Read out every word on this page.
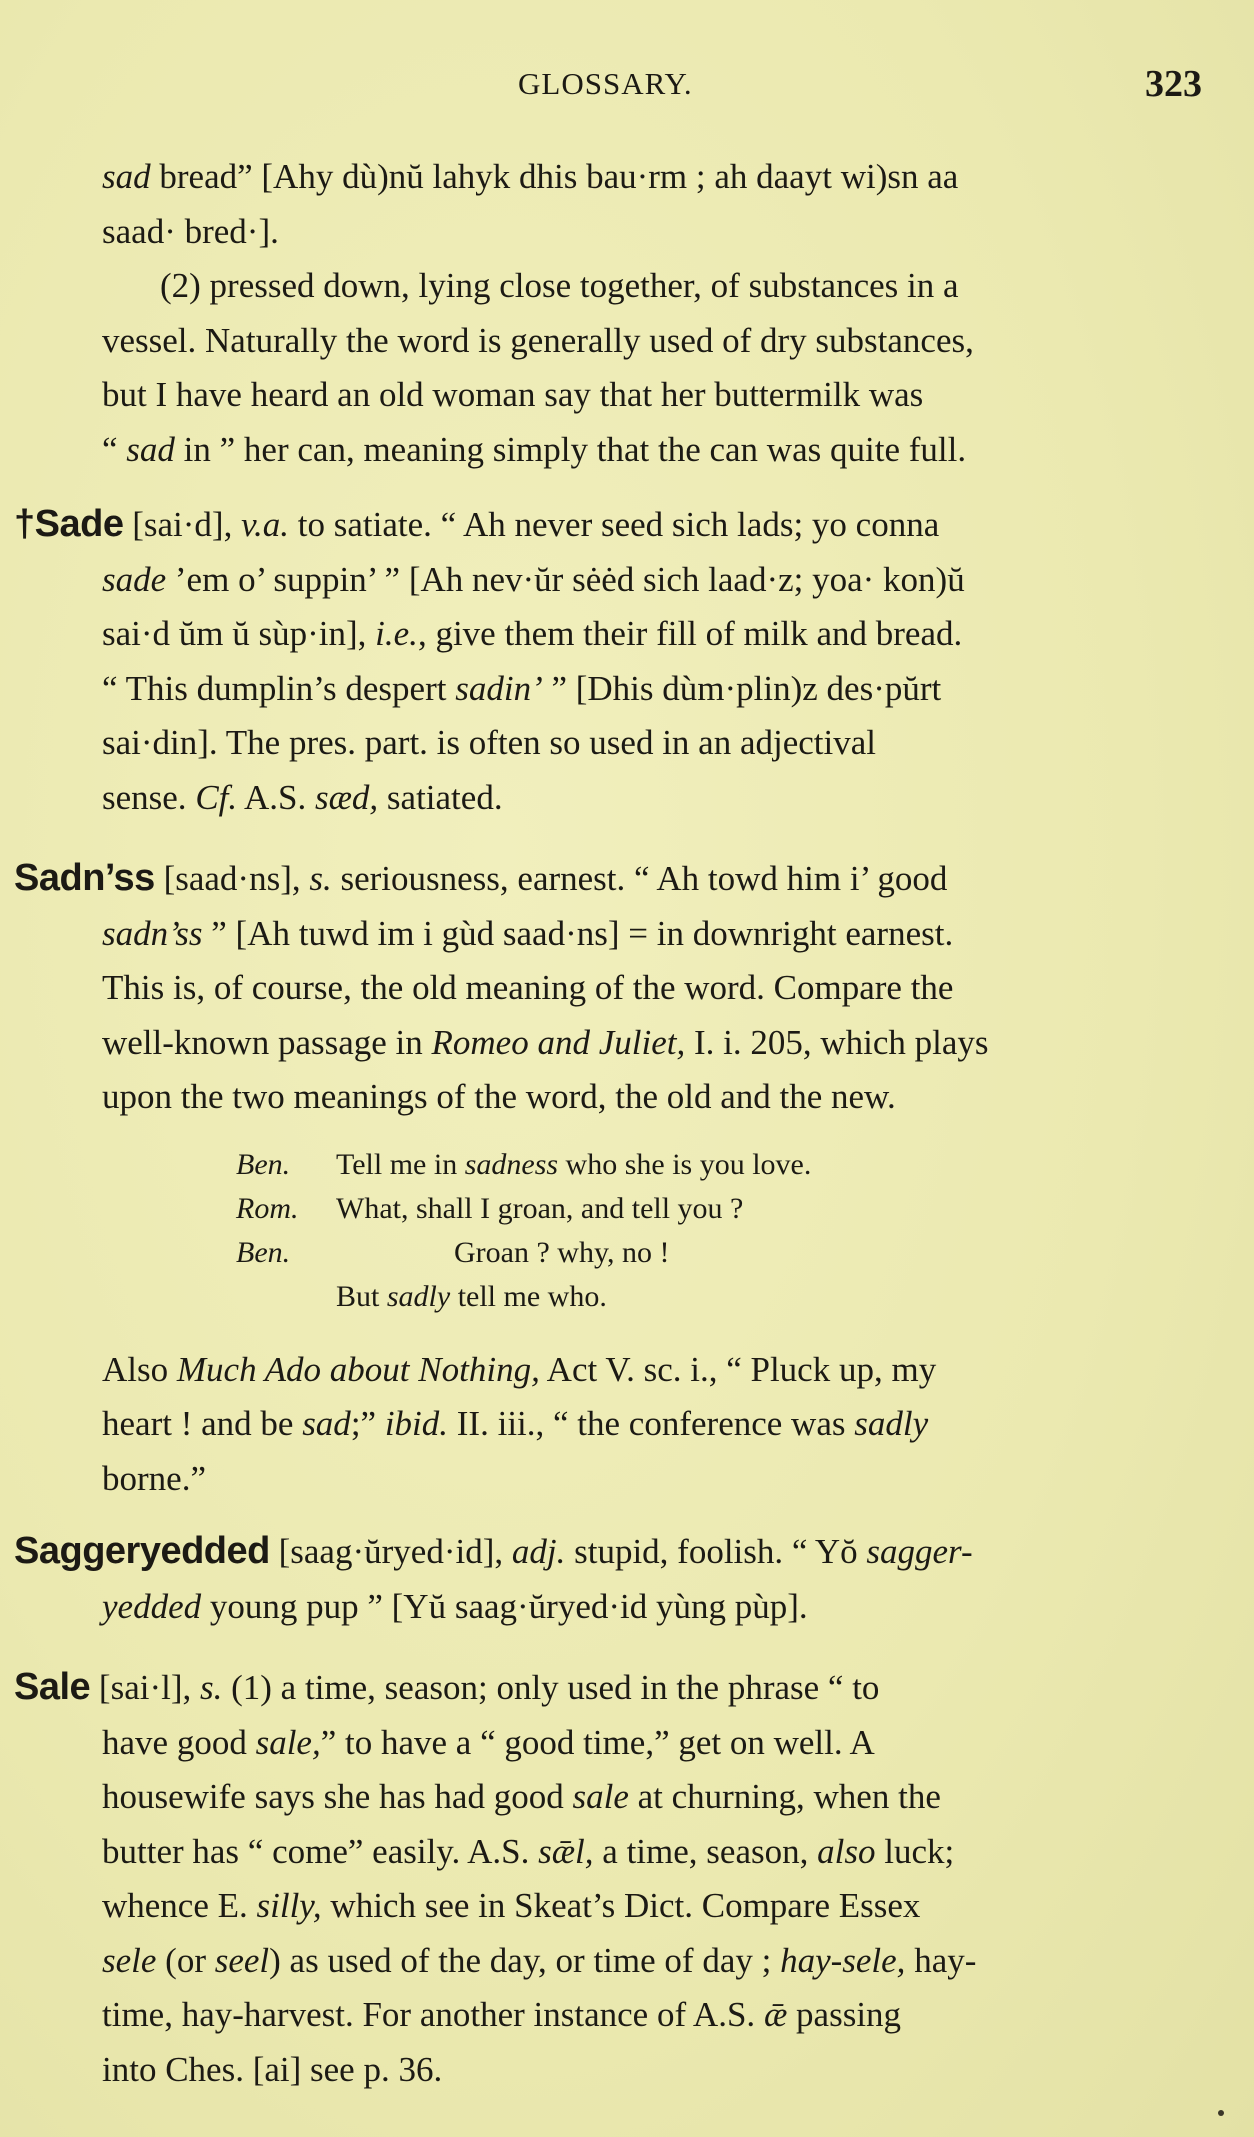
GLOSSARY.	323
sad bread” [Ahy dù)nŭ lahyk dhis bau·rm ; ah daayt wi)sn aa
saad· bred·].
(2) pressed down, lying close together, of substances in a
vessel. Naturally the word is generally used of dry substances,
but I have heard an old woman say that her buttermilk was
“ sad in ” her can, meaning simply that the can was quite full.
†Sade [sai·d], v.a. to satiate. “ Ah never seed sich lads; yo conna
sade ’em o’ suppin’ ” [Ah nev·ŭr sėėd sich laad·z; yoa· kon)ŭ
sai·d ŭm ŭ sùp·in], i.e., give them their fill of milk and bread.
“ This dumplin’s despert sadin’ ” [Dhis dùm·plin)z des·pŭrt
sai·din]. The pres. part. is often so used in an adjectival
sense. Cf. A.S. sæd, satiated.
Sadn’ss [saad·ns], s. seriousness, earnest. “ Ah towd him i’ good
sadn’ss ” [Ah tuwd im i gùd saad·ns] = in downright earnest.
This is, of course, the old meaning of the word. Compare the
well-known passage in Romeo and Juliet, I. i. 205, which plays
upon the two meanings of the word, the old and the new.
Ben. Tell me in sadness who she is you love.
Rom. What, shall I groan, and tell you ?
Ben.	Groan ? why, no !
But sadly tell me who.
Also Much Ado about Nothing, Act V. sc. i., “ Pluck up, my
heart ! and be sad;” ibid. II. iii., “ the conference was sadly
borne.”
Saggeryedded [saag·ŭryed·id], adj. stupid, foolish. “ Yŏ sagger-
yedded young pup ” [Yŭ saag·ŭryed·id yùng pùp].
Sale [sai·l], s. (1) a time, season; only used in the phrase “ to
have good sale,” to have a “ good time,” get on well. A
housewife says she has had good sale at churning, when the
butter has “ come” easily. A.S. sǣl, a time, season, also luck;
whence E. silly, which see in Skeat’s Dict. Compare Essex
sele (or seel) as used of the day, or time of day ; hay-sele, hay-
time, hay-harvest. For another instance of A.S. ǣ passing
into Ches. [ai] see p. 36.
